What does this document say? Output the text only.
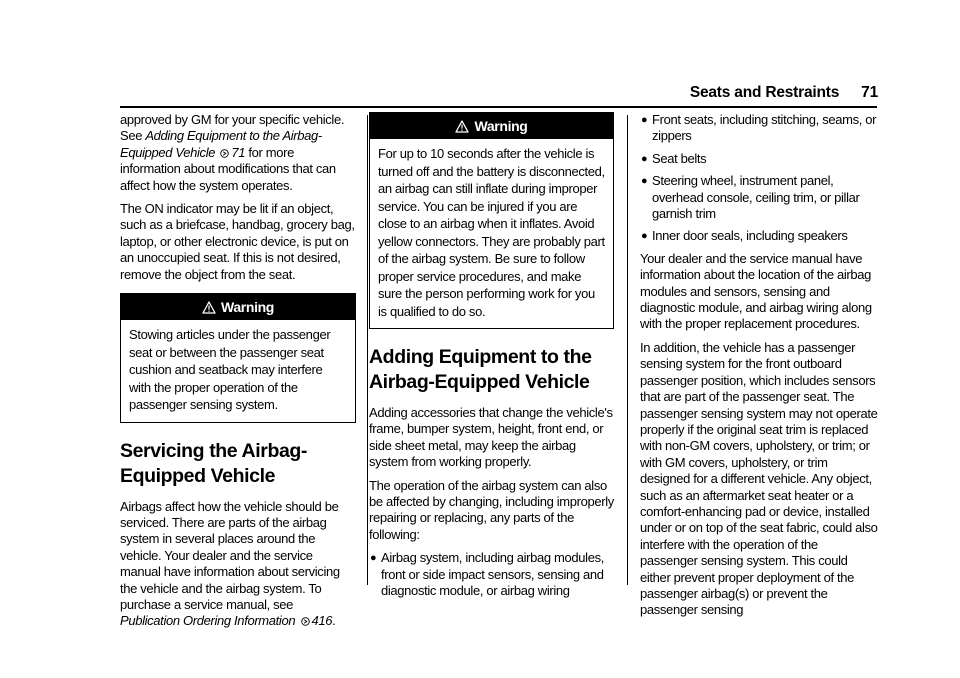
Seats and Restraints 71

approved by GM for your specific vehicle. See Adding Equipment to the Airbag-Equipped Vehicle 71 for more information about modifications that can affect how the system operates.

The ON indicator may be lit if an object, such as a briefcase, handbag, grocery bag, laptop, or other electronic device, is put on an unoccupied seat. If this is not desired, remove the object from the seat.

Warning
Stowing articles under the passenger seat or between the passenger seat cushion and seatback may interfere with the proper operation of the passenger sensing system.
Servicing the Airbag-Equipped Vehicle

Airbags affect how the vehicle should be serviced. There are parts of the airbag system in several places around the vehicle. Your dealer and the service manual have information about servicing the vehicle and the airbag system. To purchase a service manual, see Publication Ordering Information 416.

Warning
For up to 10 seconds after the vehicle is turned off and the battery is disconnected, an airbag can still inflate during improper service. You can be injured if you are close to an airbag when it inflates. Avoid yellow connectors. They are probably part of the airbag system. Be sure to follow proper service procedures, and make sure the person performing work for you is qualified to do so.
Adding Equipment to the Airbag-Equipped Vehicle

Adding accessories that change the vehicle's frame, bumper system, height, front end, or side sheet metal, may keep the airbag system from working properly.

The operation of the airbag system can also be affected by changing, including improperly repairing or replacing, any parts of the following:

● Airbag system, including airbag modules, front or side impact sensors, sensing and diagnostic module, or airbag wiring
● Front seats, including stitching, seams, or zippers
● Seat belts
● Steering wheel, instrument panel, overhead console, ceiling trim, or pillar garnish trim
● Inner door seals, including speakers

Your dealer and the service manual have information about the location of the airbag modules and sensors, sensing and diagnostic module, and airbag wiring along with the proper replacement procedures.

In addition, the vehicle has a passenger sensing system for the front outboard passenger position, which includes sensors that are part of the passenger seat. The passenger sensing system may not operate properly if the original seat trim is replaced with non-GM covers, upholstery, or trim; or with GM covers, upholstery, or trim designed for a different vehicle. Any object, such as an aftermarket seat heater or a comfort-enhancing pad or device, installed under or on top of the seat fabric, could also interfere with the operation of the passenger sensing system. This could either prevent proper deployment of the passenger airbag(s) or prevent the passenger sensing
